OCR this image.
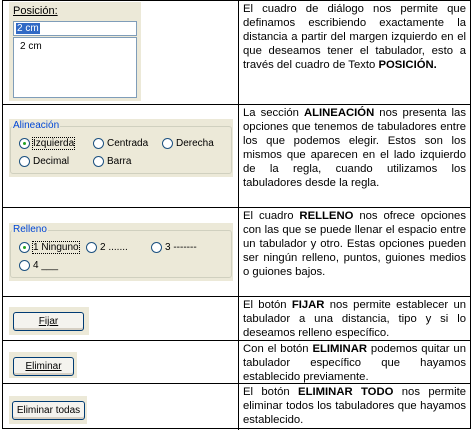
Posición:
2 cm
2 cm

El cuadro de diálogo nos permite que definamos escribiendo exactamente la distancia a partir del margen izquierdo en el que deseamos tener el tabulador, esto a través del cuadro de Texto POSICIÓN.

Alineación
Izquierda	Centrada	Derecha
Decimal	Barra

La sección ALINEACIÓN nos presenta las opciones que tenemos de tabuladores entre los que podemos elegir. Estos son los mismos que aparecen en el lado izquierdo de la regla, cuando utilizamos los tabuladores desde la regla.

Relleno
1 Ninguno 2 .......	3 -------
4 ___

El cuadro RELLENO nos ofrece opciones con las que se puede llenar el espacio entre un tabulador y otro. Estas opciones pueden ser ningún relleno, puntos, guiones medios o guiones bajos.

Fijar

El botón FIJAR nos permite establecer un tabulador a una distancia, tipo y si lo deseamos relleno específico.

Eliminar

Con el botón ELIMINAR podemos quitar un tabulador específico que hayamos establecido previamente.

Eliminar todas

El botón ELIMINAR TODO nos permite eliminar todos los tabuladores que hayamos establecido.
